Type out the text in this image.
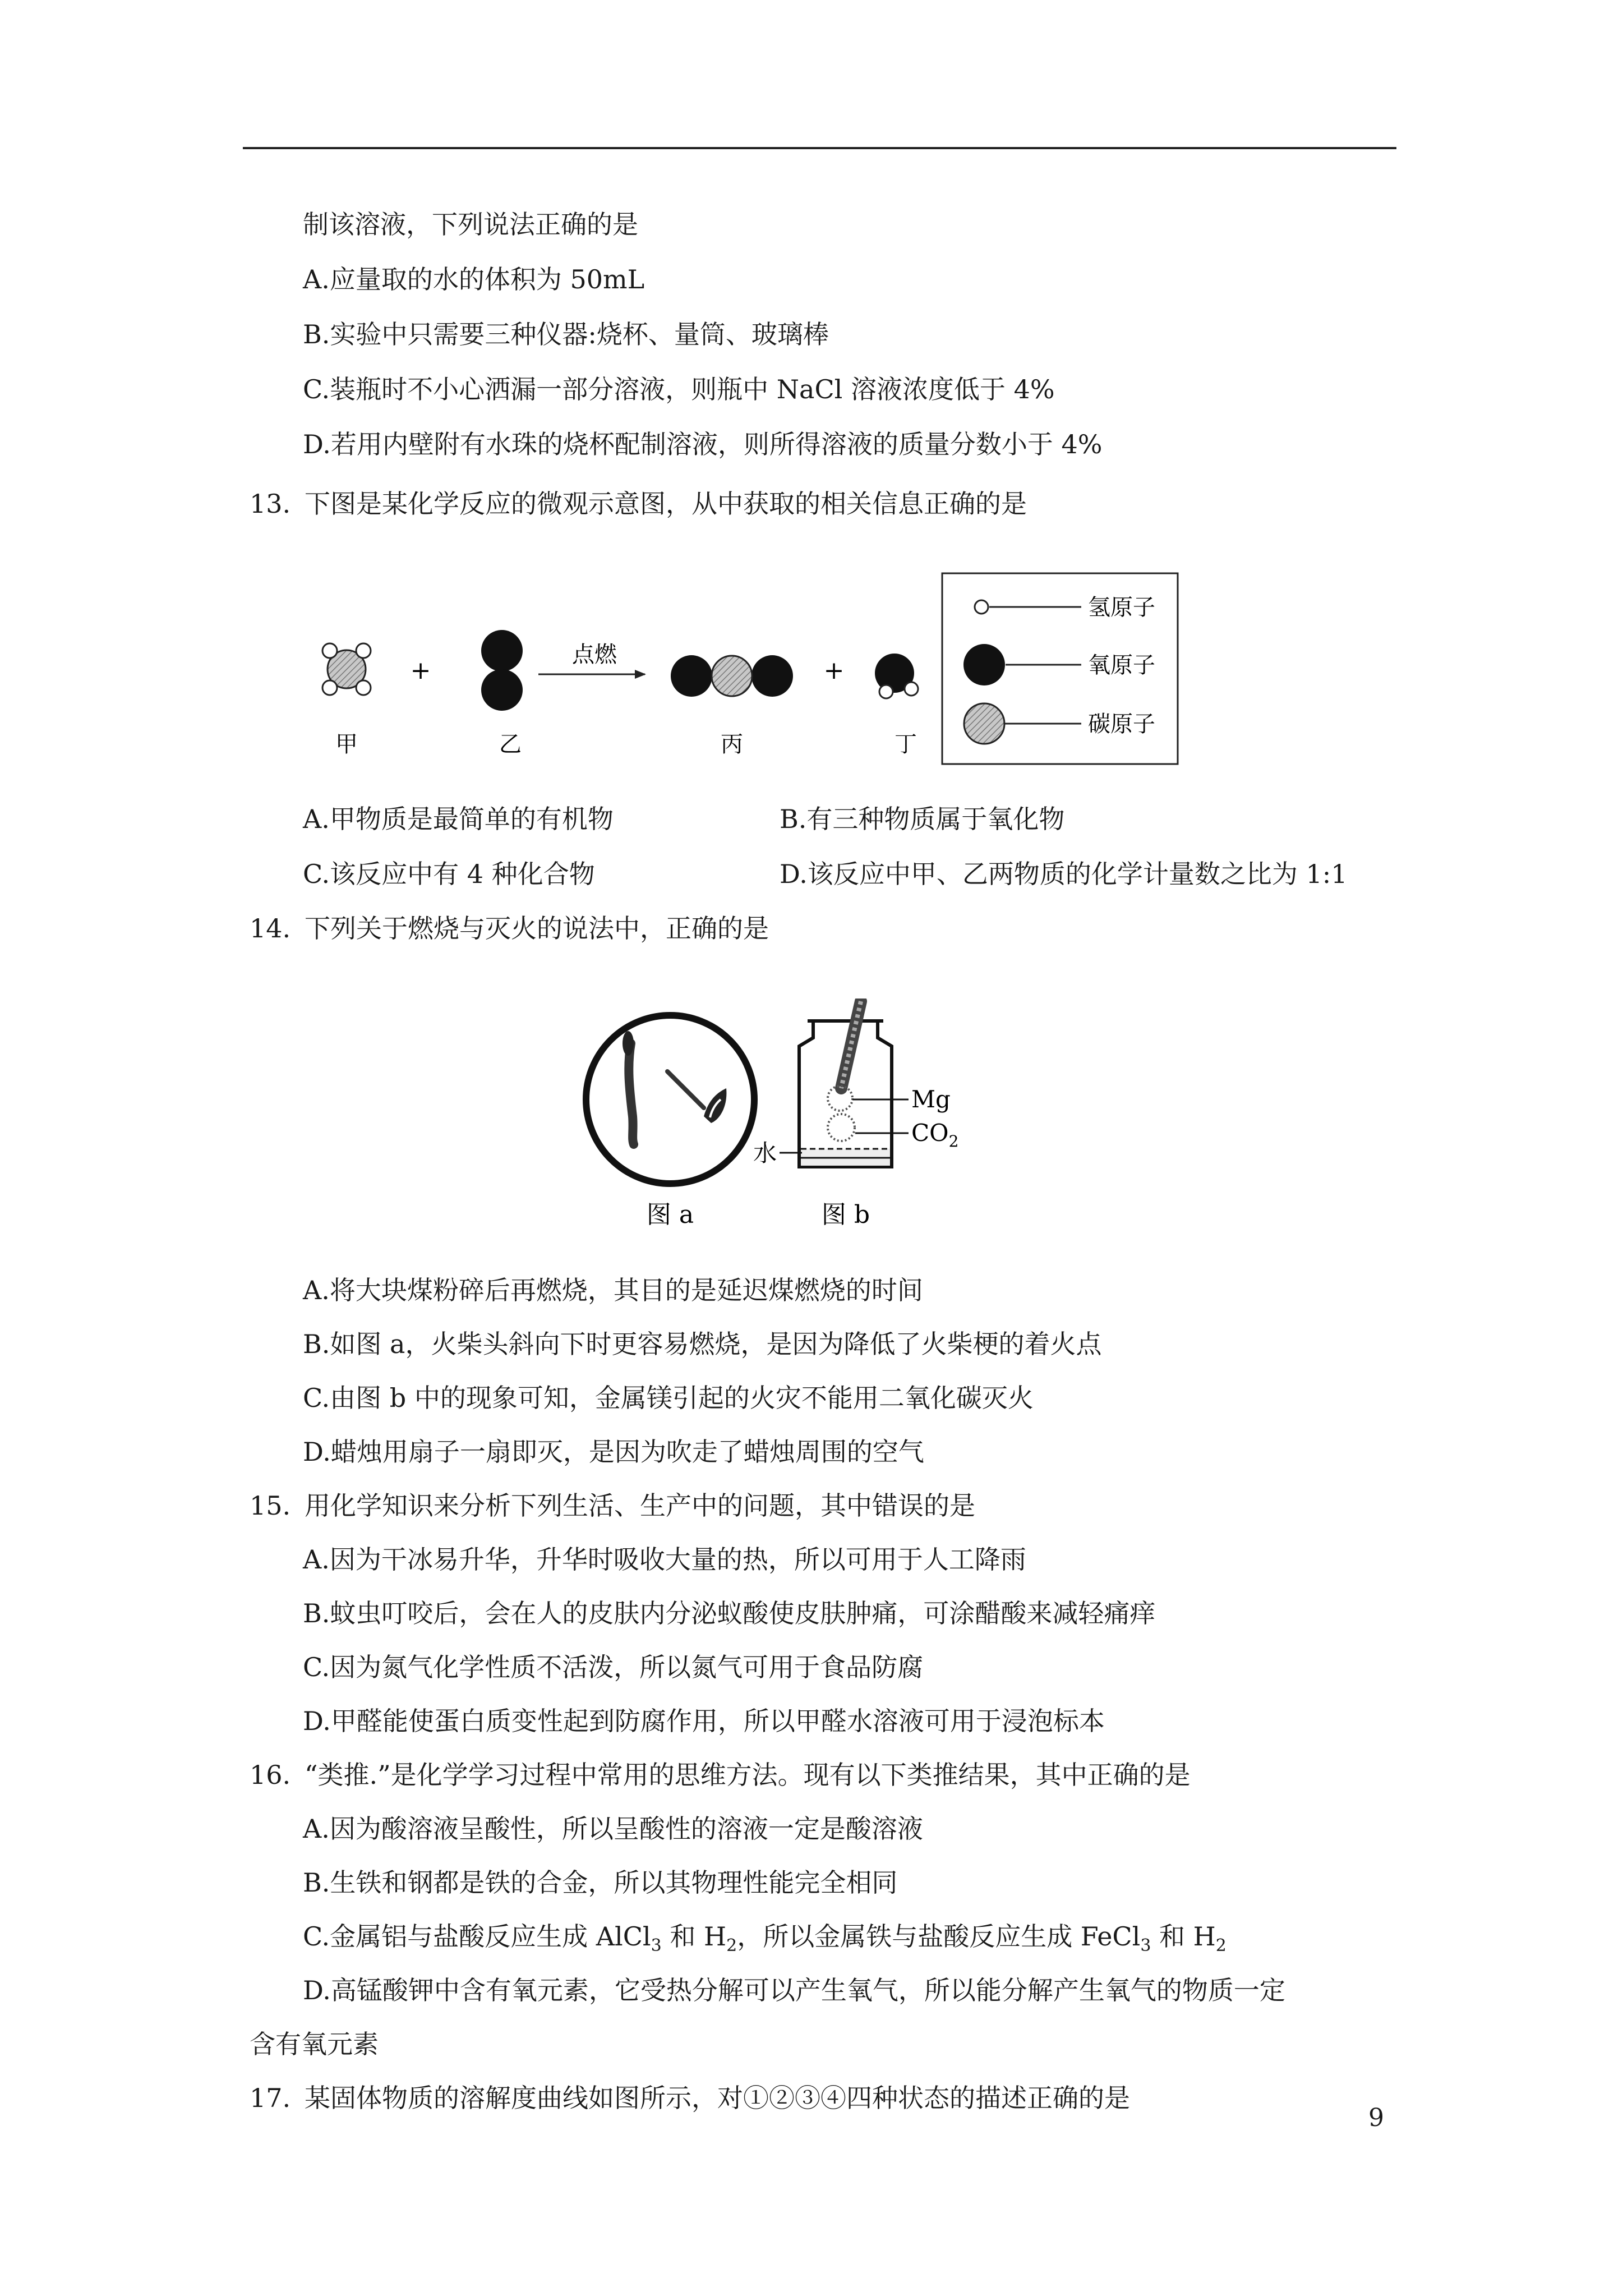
制该溶液，下列说法正确的是
A.应量取的水的体积为 50mL
B.实验中只需要三种仪器:烧杯、量筒、玻璃棒
C.装瓶时不小心洒漏一部分溶液，则瓶中 NaCl 溶液浓度低于 4%
D.若用内壁附有水珠的烧杯配制溶液，则所得溶液的质量分数小于 4%
13. 下图是某化学反应的微观示意图，从中获取的相关信息正确的是
+
点燃
+
甲	乙	丙	丁
氢原子
氧原子
碳原子
A.甲物质是最简单的有机物	B.有三种物质属于氧化物
C.该反应中有 4 种化合物	D.该反应中甲、乙两物质的化学计量数之比为 1:1
14. 下列关于燃烧与灭火的说法中，正确的是
图 a
Mg
$CO_2$
水
图 b
A.将大块煤粉碎后再燃烧，其目的是延迟煤燃烧的时间
B.如图 a，火柴头斜向下时更容易燃烧，是因为降低了火柴梗的着火点
C.由图 b 中的现象可知，金属镁引起的火灾不能用二氧化碳灭火
D.蜡烛用扇子一扇即灭，是因为吹走了蜡烛周围的空气
15. 用化学知识来分析下列生活、生产中的问题，其中错误的是
A.因为干冰易升华，升华时吸收大量的热，所以可用于人工降雨
B.蚊虫叮咬后，会在人的皮肤内分泌蚁酸使皮肤肿痛，可涂醋酸来减轻痛痒
C.因为氮气化学性质不活泼，所以氮气可用于食品防腐
D.甲醛能使蛋白质变性起到防腐作用，所以甲醛水溶液可用于浸泡标本
16. “类推.”是化学学习过程中常用的思维方法。现有以下类推结果，其中正确的是
A.因为酸溶液呈酸性，所以呈酸性的溶液一定是酸溶液
B.生铁和钢都是铁的合金，所以其物理性能完全相同
C.金属铝与盐酸反应生成 AlCl$_3$ 和 $H_2$，所以金属铁与盐酸反应生成 FeCl$_3$ 和 $H_2$
D.高锰酸钾中含有氧元素，它受热分解可以产生氧气，所以能分解产生氧气的物质一定
含有氧元素
17. 某固体物质的溶解度曲线如图所示，对①②③④四种状态的描述正确的是
9
